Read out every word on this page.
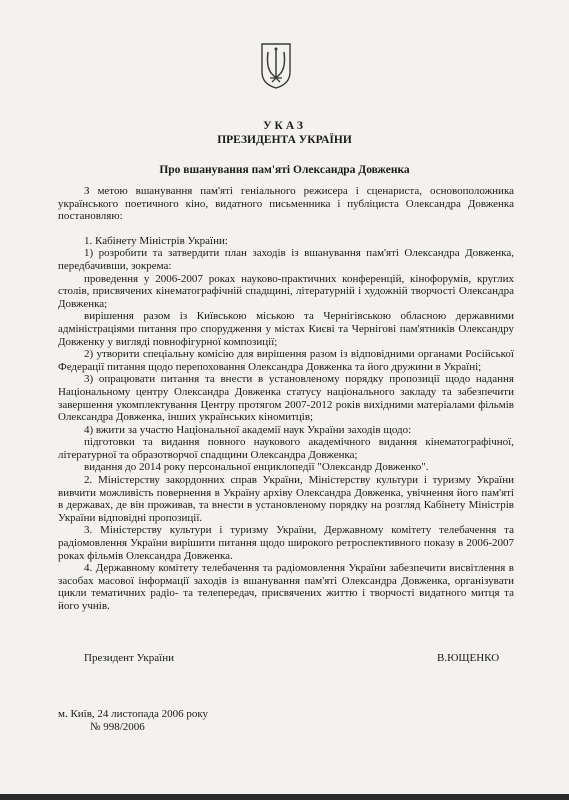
УКАЗ
ПРЕЗИДЕНТА УКРАЇНИ
Про вшанування пам'яті Олександра Довженка

З метою вшанування пам'яті геніального режисера і сценариста, основоположника українського поетичного кіно, видатного письменника і публіциста Олександра Довженка постановляю:

1. Кабінету Міністрів України:

1) розробити та затвердити план заходів із вшанування пам'яті Олександра Довженка, передбачивши, зокрема:

проведення у 2006-2007 роках науково-практичних конференцій, кінофорумів, круглих столів, присвячених кінематографічній спадщині, літературній і художній творчості Олександра Довженка;

вирішення разом із Київською міською та Чернігівською обласною державними адміністраціями питання про спорудження у містах Києві та Чернігові пам'ятників Олександру Довженку у вигляді повнофігурної композиції;

2) утворити спеціальну комісію для вирішення разом із відповідними органами Російської Федерації питання щодо перепоховання Олександра Довженка та його дружини в Україні;

3) опрацювати питання та внести в установленому порядку пропозиції щодо надання Національному центру Олександра Довженка статусу національного закладу та забезпечити завершення укомплектування Центру протягом 2007-2012 років вихідними матеріалами фільмів Олександра Довженка, інших українських кіномитців;

4) вжити за участю Національної академії наук України заходів щодо:

підготовки та видання повного наукового академічного видання кінематографічної, літературної та образотворчої спадщини Олександра Довженка;

видання до 2014 року персональної енциклопедії "Олександр Довженко".

2. Міністерству закордонних справ України, Міністерству культури і туризму України вивчити можливість повернення в Україну архіву Олександра Довженка, увічнення його пам'яті в державах, де він проживав, та внести в установленому порядку на розгляд Кабінету Міністрів України відповідні пропозиції.

3. Міністерству культури і туризму України, Державному комітету телебачення та радіомовлення України вирішити питання щодо широкого ретроспективного показу в 2006-2007 роках фільмів Олександра Довженка.

4. Державному комітету телебачення та радіомовлення України забезпечити висвітлення в засобах масової інформації заходів із вшанування пам'яті Олександра Довженка, організувати цикли тематичних радіо- та телепередач, присвячених життю і творчості видатного митця та його учнів.

Президент України	В.ЮЩЕНКО
м. Київ, 24 листопада 2006 року
№ 998/2006
